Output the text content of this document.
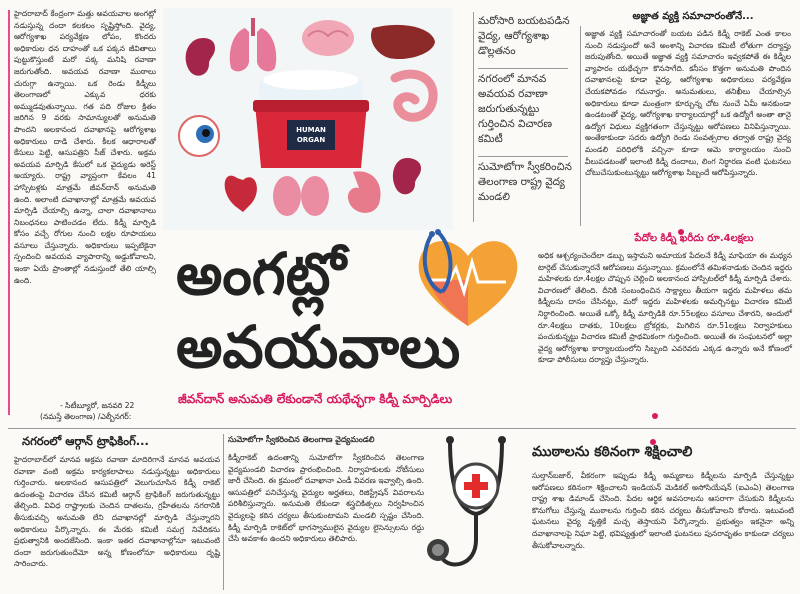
హైదరాబాద్ కేంద్రంగా మత్తు అవయవాల అంగట్లో నడుస్తున్న దందా కలకలం సృష్టిస్తోంది. వైద్య, ఆరోగ్యశాఖ పర్యవేక్షణ లోపం, కొందరు అధికారుల ధన దాహంతో ఒక పక్కన జీవితాలు పుట్టుకొస్తుంటే మరో పక్క మనిషి రవాణా జరుగుతోంది. అవయవ రవాణా ముఠాలు చురుగ్గా ఉన్నాయి. ఒక రెండు కిడ్నీలు తెలంగాణలో ఎక్కువ ధరకు అమ్ముడవుతున్నాయి. గత పది రోజుల క్రితం జరిగిన 9 వరకు సామాన్యులతో అనుమతి పొందని అలకానంద దవాఖానపై ఆరోగ్యశాఖ అధికారులు దాడి చేశారు. కీలక ఆధారాలతో కేసులు పెట్టి, ఆసుపత్రిని సీజ్ చేశారు. అక్రమ అవయవ మార్పిడి కేసులో ఒక వైద్యుడు అరెస్ట్ అయ్యారు. రాష్ట్ర వ్యాప్తంగా కేవలం 41 హాస్పిటళ్లకు మాత్రమే జీవన్‌దాన్ అనుమతి ఉంది. అలాంటి దవాఖానాల్లో మాత్రమే అవయవ మార్పిడి చేయాల్సి ఉన్నా, చాలా దవాఖానాలు నిబంధనలు పాటించడం లేదు. కిడ్నీ మార్పిడి కోసం వచ్చే రోగుల నుంచి లక్షల రూపాయలు వసూలు చేస్తున్నారు. అధికారులు ఇప్పటికైనా స్పందించి అవయవ వ్యాపారాన్ని అడ్డుకోవాలని, ఇంకా ఏయే ప్రాంతాల్లో నడుస్తుందో తేలి యాల్సి ఉంది.
- సిటీబ్యూరో, జనవరి 22
(నమస్తే తెలంగాణ) /ఎల్బీనగర్:
HUMAN
ORGAN
మరోసారి బయటపడిన వైద్య, ఆరోగ్యశాఖ డొల్లతనం
నగరంలో మానవ అవయవ రవాణా జరుగుతున్నట్టు గుర్తించిన విచారణ కమిటీ
సుమోటోగా స్వీకరించిన తెలంగాణ రాష్ట్ర వైద్య మండలి
అజ్ఞాత వ్యక్తి సమాచారంతోనే...
అజ్ఞాత వ్యక్తి సమాచారంతో బయట పడిన కిడ్నీ రాకెట్ ఎంత కాలం నుంచి నడుస్తుందో అనే అంశాన్ని విచారణ కమిటీ లోతుగా దర్యాప్తు జరుపుతోంది. అయితే అజ్ఞాత వ్యక్తి సమాచారం ఇవ్వకపోతే ఈ కిడ్నీల వ్యాపారం యథేచ్ఛగా కొనసాగేది. కనీసం కొత్తగా అనుమతి పొందిన దవాఖానలపై కూడా వైద్య, ఆరోగ్యశాఖ అధికారులు పర్యవేక్షణ చేయకపోవడం గమనార్హం. అనుమతులు, తనిఖీలు చేయాల్సిన అధికారులు కూడా మంత్రంగా కూర్చున్న చోట నుంచే ఏమీ అనకుండా ఉండటంతో వైద్య, ఆరోగ్యశాఖ కార్యాలయాల్లో ఒక ఉద్యోగే అంతా తానై ఉద్యోగ విధులు వ్యక్తిగతంగా చేస్తున్నట్టు ఆరోపణలు వినిపిస్తున్నాయి. అంతేకాకుండా సదరు ఉద్యోగి రెండు సంవత్సరాల తర్వాత రాష్ట్ర వైద్య మండలి పరిధిలోకి వచ్చినా కూడా ఆమె కార్యాలయం నుంచి వీలుపడటంతో ఇలాంటి కిడ్నీ దందాలు, లింగ నిర్ధారణ వంటి ఘటనలు చోటుచేసుకుంటున్నట్టు ఆరోగ్యశాఖ సిబ్బందే ఆరోపిస్తున్నారు.
పేదోల కిడ్నీ ఖరీదు రూ.4లక్షలు
అధిక ఆశ్చర్యంచెందేలా డబ్బు ఇస్తామని అమాయక పేదలనే కిడ్నీ మాఫియా ఈ మధ్యన టార్గెట్ చేసుకున్నారనే ఆరోపణలు వస్తున్నాయి. క్రమంలోనే తమిళనాడుకు చెందిన ఇద్దరు మహిళలకు రూ.4లక్షల చొప్పున చెల్లించి అలకానంద హాస్పిటల్‌లో కిడ్నీ మార్పిడి చేశారు. విచారణలో తేలింది. దీనికి సంబంధించిన సాక్ష్యాలు తీయగా ఇద్దరు మహిళలు తమ కిడ్నీలను దానం చేసినట్టు, మరో ఇద్దరు మహిళలకు అమర్చినట్టు విచారణ కమిటీ నిర్ధారించింది. అయితే ఒక్కో కిడ్నీ మార్పిడికి రూ.55లక్షలు వసూలు చేశారని, అందులో రూ.4లక్షలు దాతకు, 10లక్షలు బ్రోకర్లకు, మిగిలిన రూ.51లక్షలు నిర్వాహకులు పంచుకున్నట్టు విచారణ కమిటీ ప్రాథమికంగా గుర్తించింది. అయితే ఈ సంఘటనలో అల్లా వైద్య ఆరోగ్యశాఖ కార్యాలయంలోని సిబ్బంది ఎవరెవరు ఎక్కడ ఉన్నారు అనే కోణంలో కూడా పోలీసులు దర్యాప్తు చేస్తున్నారు.
అంగట్లో
అవయవాలు
జీవన్‌దాన్ అనుమతి లేకుండానే యథేచ్ఛగా కిడ్నీ మార్పిడిలు
నగరంలో ఆర్గాన్ ట్రాఫికింగ్...
హైదరాబాద్‌లో మానవ అక్రమ రవాణా మాదిరిగానే మానవ అవయవ రవాణా వంటి అక్రమ కార్యకలాపాలు నడుస్తున్నట్టు అధికారులు గుర్తించారు. అలకానంద ఆసుపత్రిలో వెలుగుచూసిన కిడ్నీ రాకెట్ ఉదంతంపై విచారణ చేసిన కమిటీ ఆర్గాన్ ట్రాఫికింగ్ జరుగుతున్నట్టు తేల్చింది. వివిధ రాష్ట్రాలకు చెందిన దాతలను, గ్రహీతలను నగరానికి తీసుకువచ్చి అనుమతి లేని దవాఖానల్లో మార్పిడి చేస్తున్నారని అధికారులు పేర్కొన్నారు. ఈ మేరకు కమిటీ సమగ్ర నివేదికను ప్రభుత్వానికి అందజేసింది. ఇంకా ఇతర దవాఖానాల్లోనూ ఇటువంటి దందా జరుగుతుందేమో అన్న కోణంలోనూ అధికారులు దృష్టి సారించారు.
సుమోటోగా స్వీకరించిన తెలంగాణ వైద్యమండలి
కిడ్నీరాకెట్ ఉదంతాన్ని సుమోటోగా స్వీకరించిన తెలంగాణ వైద్యమండలి విచారణ ప్రారంభించింది. నిర్వాహకులకు నోటీసులు జారీ చేసింది. ఈ క్రమంలో దవాఖానా ఎండీ వివరణ ఇవ్వాల్సి ఉంది. ఆసుపత్రిలో పనిచేస్తున్న వైద్యుల అర్హతలు, రిజిస్ట్రేషన్ వివరాలను పరిశీలిస్తున్నారు. అనుమతి లేకుండా శస్త్రచికిత్సలు నిర్వహించిన వైద్యులపై కఠిన చర్యలు తీసుకుంటామని మండలి స్పష్టం చేసింది. కిడ్నీ మార్పిడి రాకెట్‌లో భాగస్వాములైన వైద్యుల లైసెన్సులను రద్దు చేసే అవకాశం ఉందని అధికారులు తెలిపారు.
ముఠాలను కఠినంగా శిక్షించాలి
సుల్తాన్‌బజార్, వీకరంగా ఇప్పుడు కిడ్నీ అమ్మకాలు కిడ్నీలను మార్పిడి చేస్తున్నట్టు ఆరోపణలు కఠినంగా శిక్షించాలని ఇండియన్ మెడికల్ అసోసియేషన్ (ఐఎంఏ) తెలంగాణ రాష్ట్ర శాఖ డిమాండ్ చేసింది. పేదల ఆర్థిక అవసరాలను ఆసరాగా చేసుకుని కిడ్నీలను కొనుగోలు చేస్తున్న ముఠాలను గుర్తించి కఠిన చర్యలు తీసుకోవాలని కోరారు. ఇటువంటి ఘటనలు వైద్య వృత్తికే మచ్చ తెస్తాయని పేర్కొన్నారు. ప్రభుత్వం ఇకనైనా అన్ని దవాఖానాలపై నిఘా పెట్టి, భవిష్యత్తులో ఇలాంటి ఘటనలు పునరావృతం కాకుండా చర్యలు తీసుకోవాలన్నారు.
